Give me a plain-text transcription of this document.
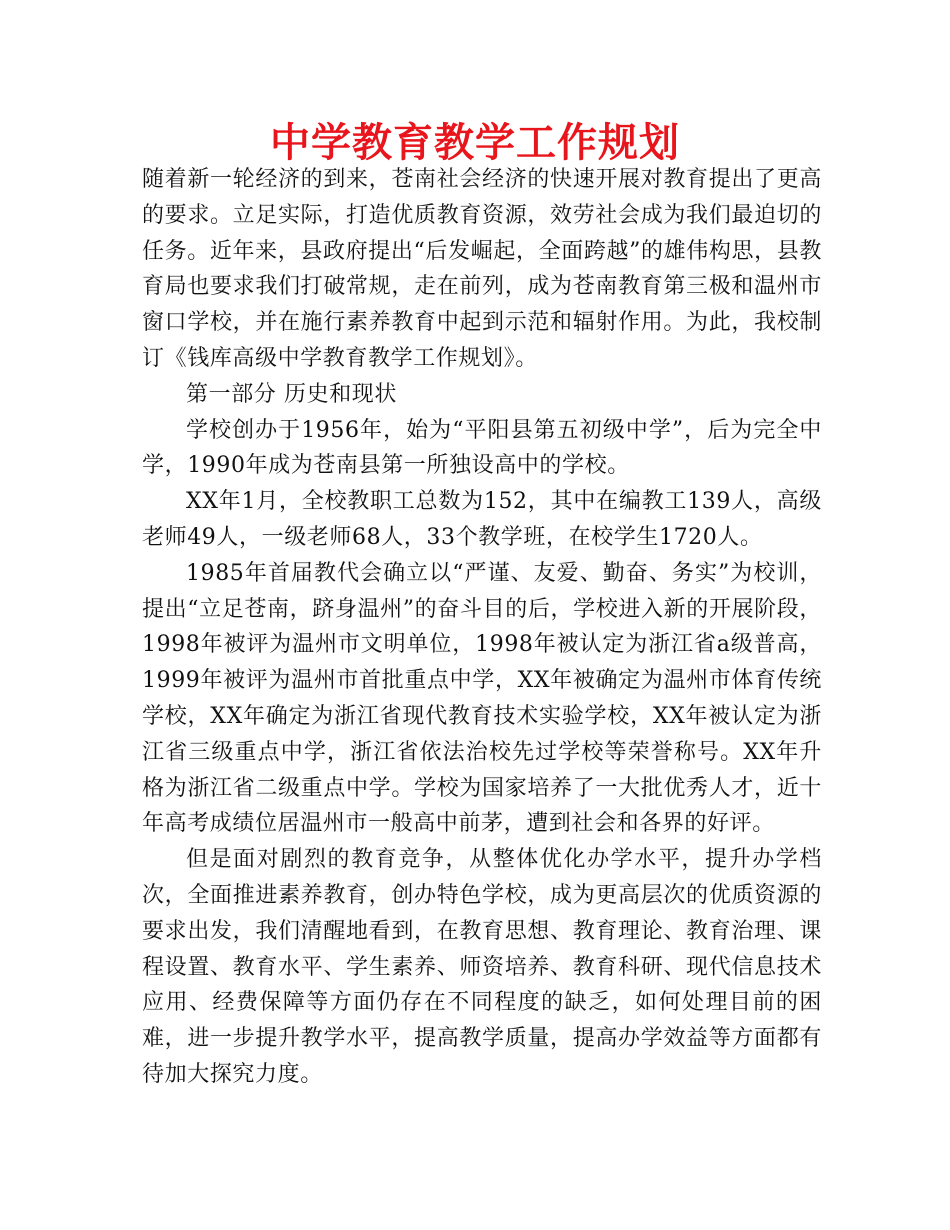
中学教育教学工作规划

随着新一轮经济的到来，苍南社会经济的快速开展对教育提出了更高的要求。立足实际，打造优质教育资源，效劳社会成为我们最迫切的任务。近年来，县政府提出“后发崛起，全面跨越”的雄伟构思，县教育局也要求我们打破常规，走在前列，成为苍南教育第三极和温州市窗口学校，并在施行素养教育中起到示范和辐射作用。为此，我校制订《钱库高级中学教育教学工作规划》。

第一部分 历史和现状

学校创办于1956年，始为“平阳县第五初级中学”，后为完全中学，1990年成为苍南县第一所独设高中的学校。

XX年1月，全校教职工总数为152，其中在编教工139人，高级老师49人，一级老师68人，33个教学班，在校学生1720人。

1985年首届教代会确立以“严谨、友爱、勤奋、务实”为校训，提出“立足苍南，跻身温州”的奋斗目的后，学校进入新的开展阶段，1998年被评为温州市文明单位，1998年被认定为浙江省a级普高，1999年被评为温州市首批重点中学，XX年被确定为温州市体育传统学校，XX年确定为浙江省现代教育技术实验学校，XX年被认定为浙江省三级重点中学，浙江省依法治校先过学校等荣誉称号。XX年升格为浙江省二级重点中学。学校为国家培养了一大批优秀人才，近十年高考成绩位居温州市一般高中前茅，遭到社会和各界的好评。

但是面对剧烈的教育竞争，从整体优化办学水平，提升办学档次，全面推进素养教育，创办特色学校，成为更高层次的优质资源的要求出发，我们清醒地看到，在教育思想、教育理论、教育治理、课程设置、教育水平、学生素养、师资培养、教育科研、现代信息技术应用、经费保障等方面仍存在不同程度的缺乏，如何处理目前的困难，进一步提升教学水平，提高教学质量，提高办学效益等方面都有待加大探究力度。
